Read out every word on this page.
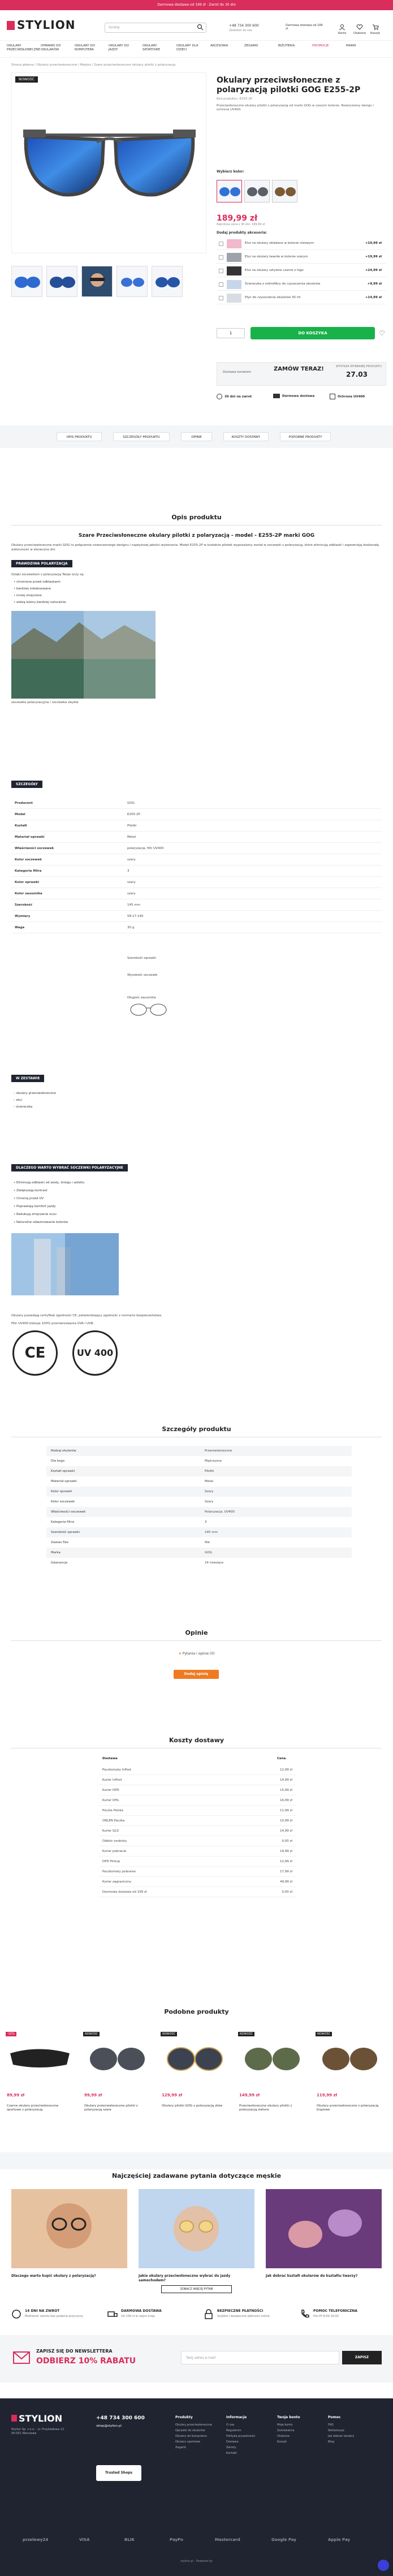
Darmowa dostawa od 199 zł · Zwrot do 30 dni
STYLION	Szukaj	+48 734 300 600
Zadzwoń do nas
Darmowa dostawa od 199 zł
Konto	Ulubione Koszyk
OKULARY PRZECIWSŁONECZNE
OPRAWKI DO OKULARÓW
OKULARY DO KOMPUTERA
OKULARY DO JAZDY
OKULARY SPORTOWE
OKULARY DLA DZIECI
AKCESORIA	ZEGARKI	BIŻUTERIA	PROMOCJE	MARKI
Strona główna / Okulary przeciwsłoneczne / Męskie / Szare przeciwsłoneczne okulary pilotki z polaryzacją
NOWOŚĆ	Okulary przeciwsłoneczne z polaryzacją pilotki GOG E255-2P
Kod produktu: E255-2P
Przeciwsłoneczne okulary pilotki z polaryzacją od marki GOG w szarym kolorze. Nowoczesny design i ochrona UV400.
Wybierz kolor:
189,99 zł
Najniższa cena z 30 dni: 189,99 zł
Dodaj produkty akcesoria:
Etui na okulary składane w kolorze różowym	+19,99 zł
Etui na okulary twarde w kolorze szarym	+19,99 zł
Etui na okulary sztywne czarne z logo	+24,99 zł
Ściereczka z mikrofibry do czyszczenia okularów	+9,99 zł
Płyn do czyszczenia okularów 30 ml	+14,99 zł
1	DO KOSZYKA	♡
Dostawa kurierem	ZAMÓW TERAZ!	WYSYŁKA WYBRANEJ PRODUKTU
27.03
30 dni na zwrot	Darmowa dostawa	Ochrona UV400
OPIS PRODUKTU	SZCZEGÓŁY PRODUKTU	OPINIE	KOSZTY DOSTAWY	PODOBNE PRODUKTY
Opis produktu
Szare Przeciwsłoneczne okulary pilotki z polaryzacją - model - E255-2P marki GOG
Okulary przeciwsłoneczne marki GOG to połączenie nowoczesnego designu i najwyższej jakości wykonania. Model E255-2P w kształcie pilotek wyposażony został w soczewki z polaryzacją, które eliminują odblaski i zapewniają doskonałą widoczność w słoneczne dni.
PRAWDZIWA POLARYZACJA
Dzięki soczewkom z polaryzacją Twoje oczy są:
• chronione przed odblaskami
• bardziej zrelaksowane
• mniej zmęczone
• widzą kolory bardziej naturalnie
soczewka polaryzacyjna / soczewka zwykła
SZCZEGÓŁY
Producent	GOG
Model	E255-2P
Kształt	Pilotki
Materiał oprawki	Metal
Właściwości soczewek	polaryzacja, filtr UV400
Kolor soczewek	szary
Kategoria filtra	3
Kolor oprawki	szary
Kolor zausznika	szary
Szerokość	145 mm
Wymiary	58-17-140
Waga	30 g
Szerokość oprawki
Wysokość soczewki
Długość zausznika
W ZESTAWIE
– okulary przeciwsłoneczne
– etui
– ściereczka
DLACZEGO WARTO WYBRAĆ SOCZEWKI POLARYZACYJNE
• Eliminują odblaski od wody, śniegu i asfaltu
• Zwiększają kontrast
• Chronią przed UV
• Poprawiają komfort jazdy
• Redukują zmęczenie oczu
• Naturalne odwzorowanie kolorów
Okulary posiadają certyfikat zgodności CE, potwierdzający zgodność z normami bezpieczeństwa.
Filtr UV400 blokuje 100% promieniowania UVA i UVB.
CE	UV 400
Szczegóły produktu
Rodzaj okularów	Przeciwsłoneczne
Dla kogo	Mężczyzna
Kształt oprawki	Pilotki
Materiał oprawki	Metal
Kolor oprawki	Szary
Kolor soczewek	Szary
Właściwości soczewek	Polaryzacja, UV400
Kategoria filtra	3
Szerokość oprawki	145 mm
Zawias flex	Nie
Marka	GOG
Gwarancja	24 miesiące
Opinie
★ Pytania i opinie (0)
Dodaj opinię
Koszty dostawy
Dostawa	Cena
Paczkomaty InPost	12,99 zł
Kurier InPost	14,99 zł
Kurier DPD	15,99 zł
Kurier DHL	16,99 zł
Poczta Polska	11,99 zł
ORLEN Paczka	10,99 zł
Kurier GLS	14,99 zł
Odbiór osobisty	0,00 zł
Kurier pobranie	19,99 zł
DPD Pickup	12,99 zł
Paczkomaty pobranie	17,99 zł
Kurier zagraniczny	49,99 zł
Darmowa dostawa od 199 zł	0,00 zł
Podobne produkty
-15%
89,99 zł
Czarne okulary przeciwsłoneczne sportowe z polaryzacją
NOWOŚĆ
99,99 zł
Okulary przeciwsłoneczne pilotki z polaryzacją szare
NOWOŚĆ
129,99 zł
Okulary pilotki GOG z polaryzacją złote
NOWOŚĆ
149,99 zł
Przeciwsłoneczne okulary pilotki z polaryzacją zielone
NOWOŚĆ
119,99 zł
Okulary przeciwsłoneczne z polaryzacją brązowe
Najczęściej zadawane pytania dotyczące męskie
Dlaczego warto kupić okulary z polaryzacją?	Jakie okulary przeciwsłoneczne wybrać do jazdy samochodem?
Jak dobrać kształt okularów do kształtu twarzy?
ZOBACZ WIĘCEJ PYTAŃ
14 DNI NA ZWROT
Możliwość zwrotu bez podania przyczyny
DARMOWA DOSTAWA
Od 199 zł w całym kraju
BEZPIECZNE PŁATNOŚCI
Szybkie i bezpieczne płatności online
POMOC TELEFONICZNA
Pon-Pt 8:00-16:00
ZAPISZ SIĘ DO NEWSLETTERA
ODBIERZ 10% RABATU	Twój adres e-mail	ZAPISZ
STYLION
Stylion Sp. z o.o. · ul. Przykładowa 12 · 00-001 Warszawa
+48 734 300 600
sklep@stylion.pl
Trusted Shops
Produkty
Okulary przeciwsłoneczne
Oprawki do okularów
Okulary do komputera
Okulary sportowe
Zegarki
Informacje
O nas
Regulamin
Polityka prywatności
Dostawa
Zwroty
Kontakt
Twoje konto
Moje konto
Zamówienia
Ulubione
Koszyk
Pomoc
FAQ
Reklamacje
Jak dobrać okulary
Blog
przelewy24	VISA	BLIK	PayPo	Mastercard	Google Pay	Apple Pay
stylion.pl · Powered by
